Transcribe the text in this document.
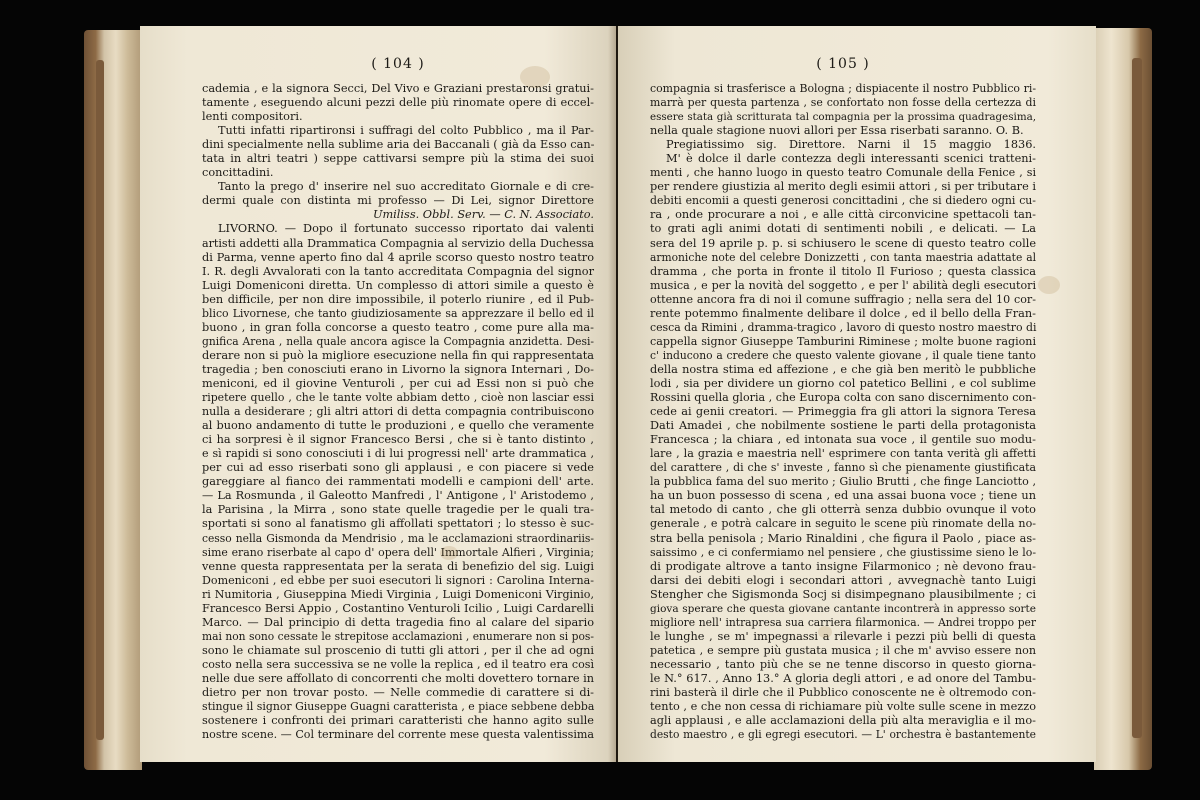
( 104 )
cademia , e la signora Secci, Del Vivo e Graziani prestaronsi gratui-
tamente , eseguendo alcuni pezzi delle più rinomate opere di eccel-
lenti compositori.
Tutti infatti ripartironsi i suffragi del colto Pubblico , ma il Par-
dini specialmente nella sublime aria dei Baccanali ( già da Esso can-
tata in altri teatri ) seppe cattivarsi sempre più la stima dei suoi
concittadini.
Tanto la prego d' inserire nel suo accreditato Giornale e di cre-
dermi quale con distinta mi professo — Di Lei, signor Direttore
Umiliss. Obbl. Serv. — C. N. Associato.
LIVORNO. — Dopo il fortunato successo riportato dai valenti
artisti addetti alla Drammatica Compagnia al servizio della Duchessa
di Parma, venne aperto fino dal 4 aprile scorso questo nostro teatro
I. R. degli Avvalorati con la tanto accreditata Compagnia del signor
Luigi Domeniconi diretta. Un complesso di attori simile a questo è
ben difficile, per non dire impossibile, il poterlo riunire , ed il Pub-
blico Livornese, che tanto giudiziosamente sa apprezzare il bello ed il
buono , in gran folla concorse a questo teatro , come pure alla ma-
gnifica Arena , nella quale ancora agisce la Compagnia anzidetta. Desi-
derare non si può la migliore esecuzione nella fin qui rappresentata
tragedia ; ben conosciuti erano in Livorno la signora Internari , Do-
meniconi, ed il giovine Venturoli , per cui ad Essi non si può che
ripetere quello , che le tante volte abbiam detto , cioè non lasciar essi
nulla a desiderare ; gli altri attori di detta compagnia contribuiscono
al buono andamento di tutte le produzioni , e quello che veramente
ci ha sorpresi è il signor Francesco Bersi , che si è tanto distinto ,
e sì rapidi si sono conosciuti i di lui progressi nell' arte drammatica ,
per cui ad esso riserbati sono gli applausi , e con piacere si vede
gareggiare al fianco dei rammentati modelli e campioni dell' arte.
— La Rosmunda , il Galeotto Manfredi , l' Antigone , l' Aristodemo ,
la Parisina , la Mirra , sono state quelle tragedie per le quali tra-
sportati si sono al fanatismo gli affollati spettatori ; lo stesso è suc-
cesso nella Gismonda da Mendrisio , ma le acclamazioni straordinariis-
sime erano riserbate al capo d' opera dell' Immortale Alfieri , Virginia;
venne questa rappresentata per la serata di benefizio del sig. Luigi
Domeniconi , ed ebbe per suoi esecutori li signori : Carolina Interna-
ri Numitoria , Giuseppina Miedi Virginia , Luigi Domeniconi Virginio,
Francesco Bersi Appio , Costantino Venturoli Icilio , Luigi Cardarelli
Marco. — Dal principio di detta tragedia fino al calare del sipario
mai non sono cessate le strepitose acclamazioni , enumerare non si pos-
sono le chiamate sul proscenio di tutti gli attori , per il che ad ogni
costo nella sera successiva se ne volle la replica , ed il teatro era così
nelle due sere affollato di concorrenti che molti dovettero tornare in
dietro per non trovar posto. — Nelle commedie di carattere si di-
stingue il signor Giuseppe Guagni caratterista , e piace sebbene debba
sostenere i confronti dei primari caratteristi che hanno agito sulle
nostre scene. — Col terminare del corrente mese questa valentissima
( 105 )
compagnia si trasferisce a Bologna ; dispiacente il nostro Pubblico ri-
marrà per questa partenza , se confortato non fosse della certezza di
essere stata già scritturata tal compagnia per la prossima quadragesima,
nella quale stagione nuovi allori per Essa riserbati saranno. O. B.
Pregiatissimo sig. Direttore. Narni il 15 maggio 1836.
M' è dolce il darle contezza degli interessanti scenici tratteni-
menti , che hanno luogo in questo teatro Comunale della Fenice , si
per rendere giustizia al merito degli esimii attori , si per tributare i
debiti encomii a questi generosi concittadini , che si diedero ogni cu-
ra , onde procurare a noi , e alle città circonvicine spettacoli tan-
to grati agli animi dotati di sentimenti nobili , e delicati. — La
sera del 19 aprile p. p. si schiusero le scene di questo teatro colle
armoniche note del celebre Donizzetti , con tanta maestria adattate al
dramma , che porta in fronte il titolo Il Furioso ; questa classica
musica , e per la novità del soggetto , e per l' abilità degli esecutori
ottenne ancora fra di noi il comune suffragio ; nella sera del 10 cor-
rente potemmo finalmente delibare il dolce , ed il bello della Fran-
cesca da Rimini , dramma-tragico , lavoro di questo nostro maestro di
cappella signor Giuseppe Tamburini Riminese ; molte buone ragioni
c' inducono a credere che questo valente giovane , il quale tiene tanto
della nostra stima ed affezione , e che già ben meritò le pubbliche
lodi , sia per dividere un giorno col patetico Bellini , e col sublime
Rossini quella gloria , che Europa colta con sano discernimento con-
cede ai genii creatori. — Primeggia fra gli attori la signora Teresa
Dati Amadei , che nobilmente sostiene le parti della protagonista
Francesca ; la chiara , ed intonata sua voce , il gentile suo modu-
lare , la grazia e maestria nell' esprimere con tanta verità gli affetti
del carattere , di che s' investe , fanno sì che pienamente giustificata
la pubblica fama del suo merito ; Giulio Brutti , che finge Lanciotto ,
ha un buon possesso di scena , ed una assai buona voce ; tiene un
tal metodo di canto , che gli otterrà senza dubbio ovunque il voto
generale , e potrà calcare in seguito le scene più rinomate della no-
stra bella penisola ; Mario Rinaldini , che figura il Paolo , piace as-
saissimo , e ci confermiamo nel pensiere , che giustissime sieno le lo-
di prodigate altrove a tanto insigne Filarmonico ; nè devono frau-
darsi dei debiti elogi i secondari attori , avvegnachè tanto Luigi
Stengher che Sigismonda Socj si disimpegnano plausibilmente ; ci
giova sperare che questa giovane cantante incontrerà in appresso sorte
migliore nell' intrapresa sua carriera filarmonica. — Andrei troppo per
le lunghe , se m' impegnassi a rilevarle i pezzi più belli di questa
patetica , e sempre più gustata musica ; il che m' avviso essere non
necessario , tanto più che se ne tenne discorso in questo giorna-
le N.° 617. , Anno 13.° A gloria degli attori , e ad onore del Tambu-
rini basterà il dirle che il Pubblico conoscente ne è oltremodo con-
tento , e che non cessa di richiamare più volte sulle scene in mezzo
agli applausi , e alle acclamazioni della più alta meraviglia e il mo-
desto maestro , e gli egregi esecutori. — L' orchestra è bastantemente
